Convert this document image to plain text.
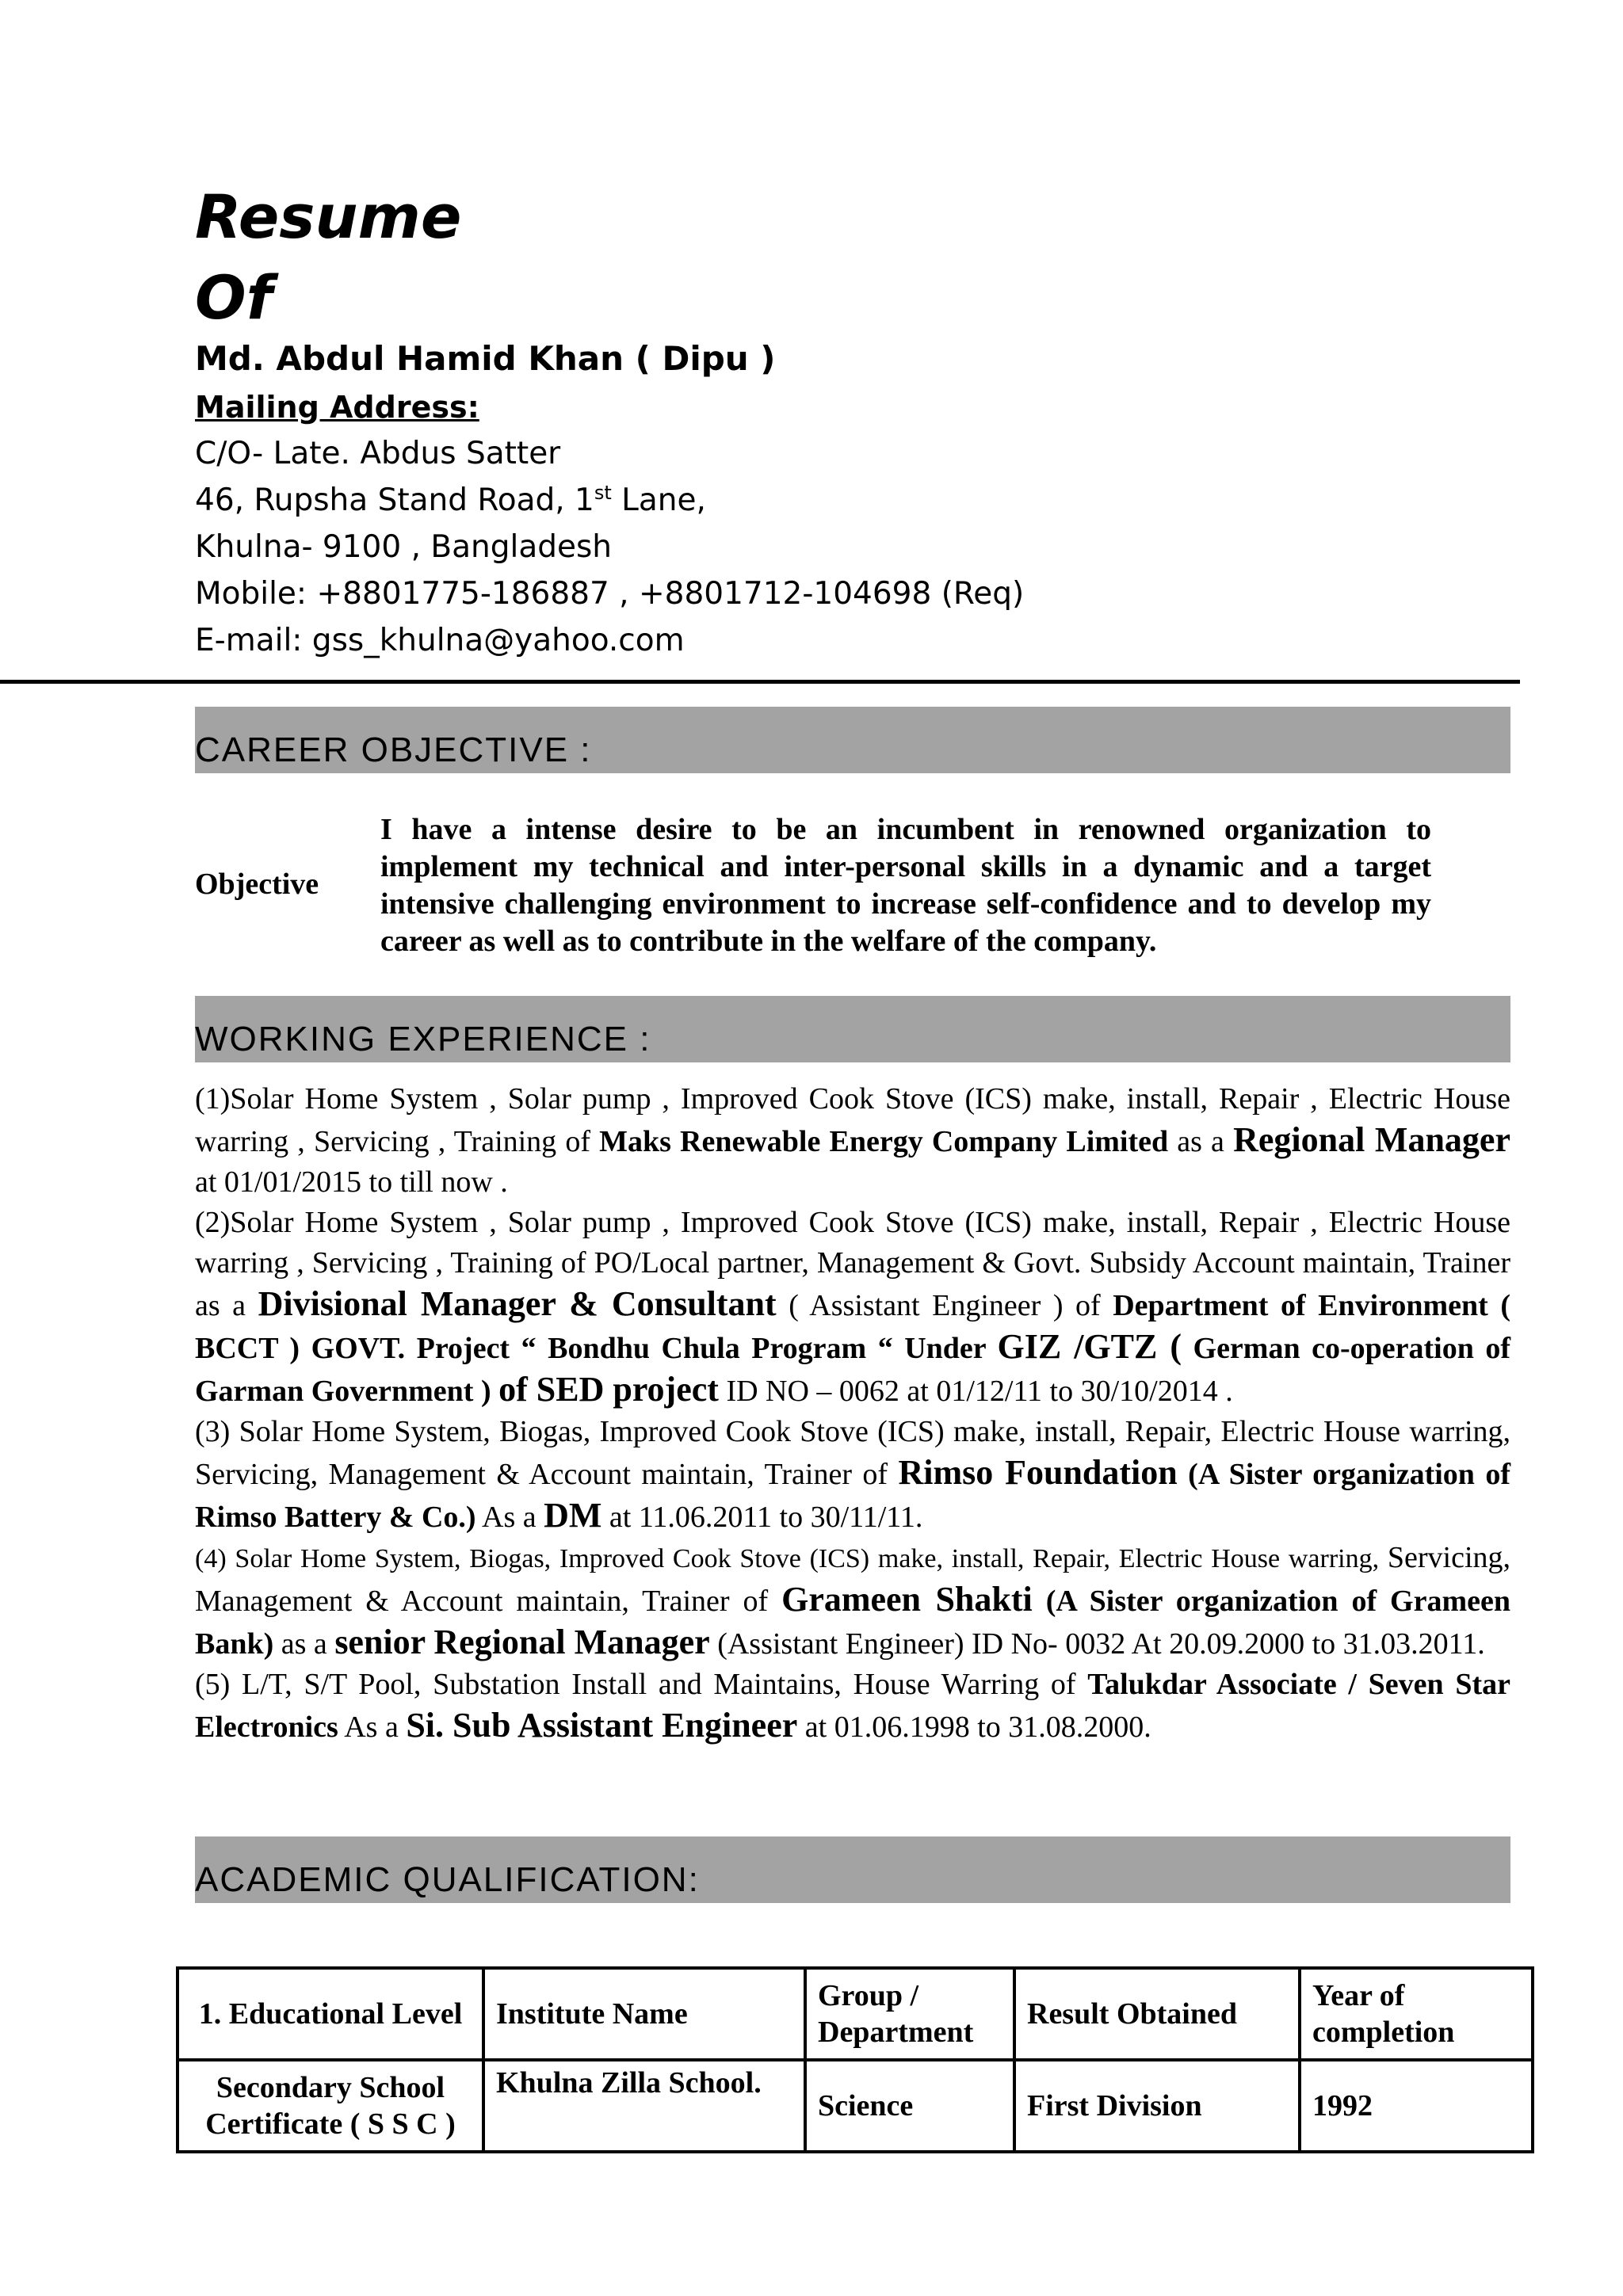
Resume
Of
Md. Abdul Hamid Khan ( Dipu )
Mailing Address:
C/O- Late. Abdus Satter
46, Rupsha Stand Road, 1st Lane,
Khulna- 9100 , Bangladesh
Mobile: +8801775-186887 , +8801712-104698 (Req)
E-mail: gss_khulna@yahoo.com
CAREER OBJECTIVE :
Objective
I have a intense desire to be an incumbent in renowned organization to implement my technical and inter-personal skills in a dynamic and a target intensive challenging environment to increase self-confidence and to develop my career as well as to contribute in the welfare of the company.
WORKING EXPERIENCE :

(1)Solar Home System , Solar pump , Improved Cook Stove (ICS) make, install, Repair , Electric House warring , Servicing , Training of Maks Renewable Energy Company Limited as a Regional Manager at 01/01/2015 to till now .

(2)Solar Home System , Solar pump , Improved Cook Stove (ICS) make, install, Repair , Electric House warring , Servicing , Training of PO/Local partner, Management & Govt. Subsidy Account maintain, Trainer as a Divisional Manager & Consultant ( Assistant Engineer ) of Department of Environment ( BCCT ) GOVT. Project “ Bondhu Chula Program “ Under GIZ /GTZ ( German co-operation of Garman Government ) of SED project ID NO – 0062 at 01/12/11 to 30/10/2014 .

(3) Solar Home System, Biogas, Improved Cook Stove (ICS) make, install, Repair, Electric House warring, Servicing, Management & Account maintain, Trainer of Rimso Foundation (A Sister organization of Rimso Battery & Co.) As a DM at 11.06.2011 to 30/11/11.

(4) Solar Home System, Biogas, Improved Cook Stove (ICS) make, install, Repair, Electric House warring, Servicing, Management & Account maintain, Trainer of Grameen Shakti (A Sister organization of Grameen Bank) as a senior Regional Manager (Assistant Engineer) ID No- 0032 At 20.09.2000 to 31.03.2011.

(5) L/T, S/T Pool, Substation Install and Maintains, House Warring of Talukdar Associate / Seven Star Electronics As a Si. Sub Assistant Engineer at 01.06.1998 to 31.08.2000.

ACADEMIC QUALIFICATION:
1. Educational Level	Institute Name	Group / Department	Result Obtained	Year of completion
Secondary School Certificate ( S S C )	Khulna Zilla School.	Science	First Division	1992
